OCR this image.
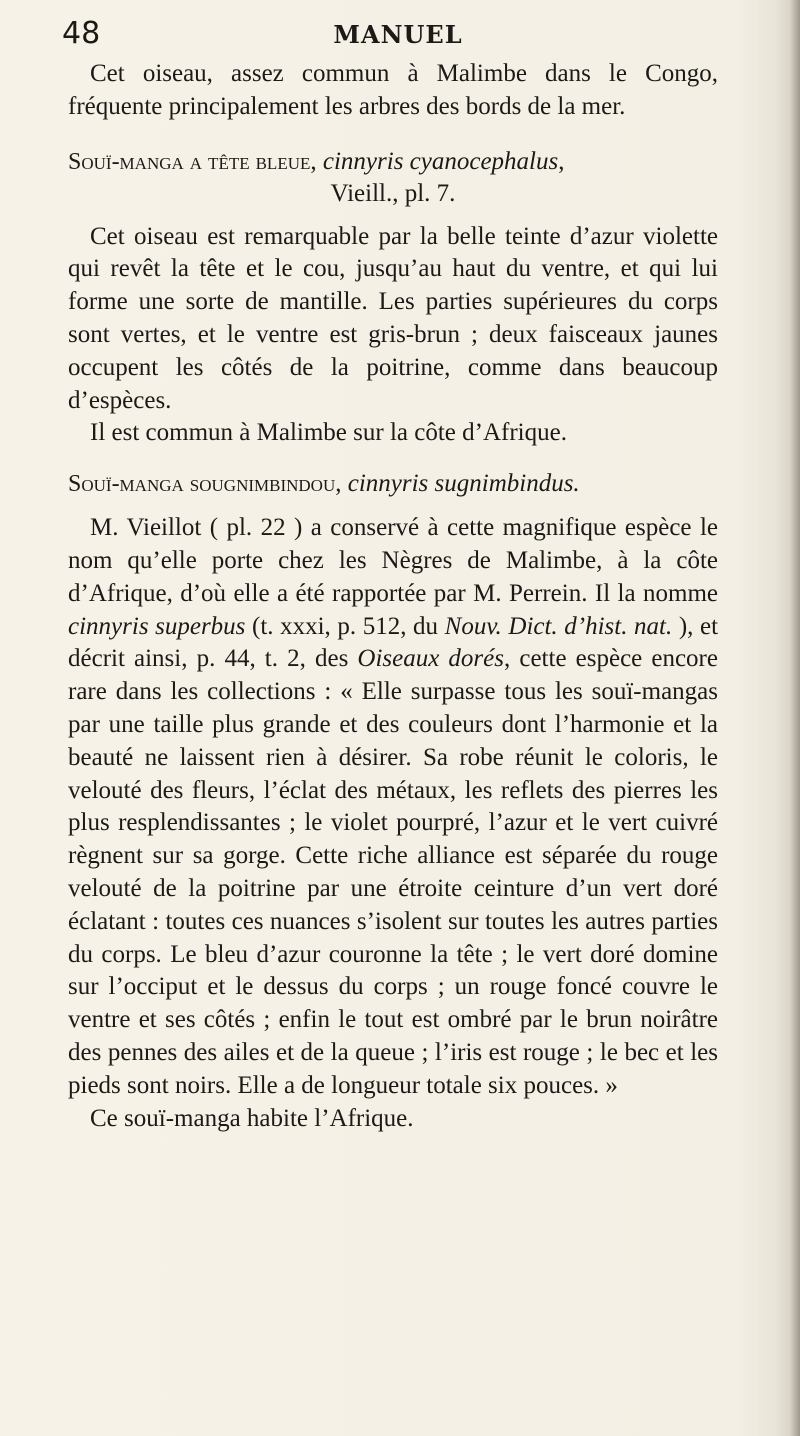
48	MANUEL

Cet oiseau, assez commun à Malimbe dans le Congo, fréquente principalement les arbres des bords de la mer.

Souï-manga a tête bleue, cinnyris cyanocephalus,

Vieill., pl. 7.

Cet oiseau est remarquable par la belle teinte d’azur violette qui revêt la tête et le cou, jusqu’au haut du ventre, et qui lui forme une sorte de mantille. Les parties supérieures du corps sont vertes, et le ventre est gris-brun ; deux faisceaux jaunes occupent les côtés de la poitrine, comme dans beaucoup d’espèces.

Il est commun à Malimbe sur la côte d’Afrique.

Souï-manga sougnimbindou, cinnyris sugnimbindus.

M. Vieillot ( pl. 22 ) a conservé à cette magnifique espèce le nom qu’elle porte chez les Nègres de Malimbe, à la côte d’Afrique, d’où elle a été rapportée par M. Perrein. Il la nomme cinnyris superbus (t. xxxi, p. 512, du Nouv. Dict. d’hist. nat. ), et décrit ainsi, p. 44, t. 2, des Oiseaux dorés, cette espèce encore rare dans les collections : « Elle surpasse tous les souï-mangas par une taille plus grande et des couleurs dont l’harmonie et la beauté ne laissent rien à désirer. Sa robe réunit le coloris, le velouté des fleurs, l’éclat des métaux, les reflets des pierres les plus resplendissantes ; le violet pourpré, l’azur et le vert cuivré règnent sur sa gorge. Cette riche alliance est séparée du rouge velouté de la poitrine par une étroite ceinture d’un vert doré éclatant : toutes ces nuances s’isolent sur toutes les autres parties du corps. Le bleu d’azur couronne la tête ; le vert doré domine sur l’occiput et le dessus du corps ; un rouge foncé couvre le ventre et ses côtés ; enfin le tout est ombré par le brun noirâtre des pennes des ailes et de la queue ; l’iris est rouge ; le bec et les pieds sont noirs. Elle a de longueur totale six pouces. »

Ce souï-manga habite l’Afrique.
